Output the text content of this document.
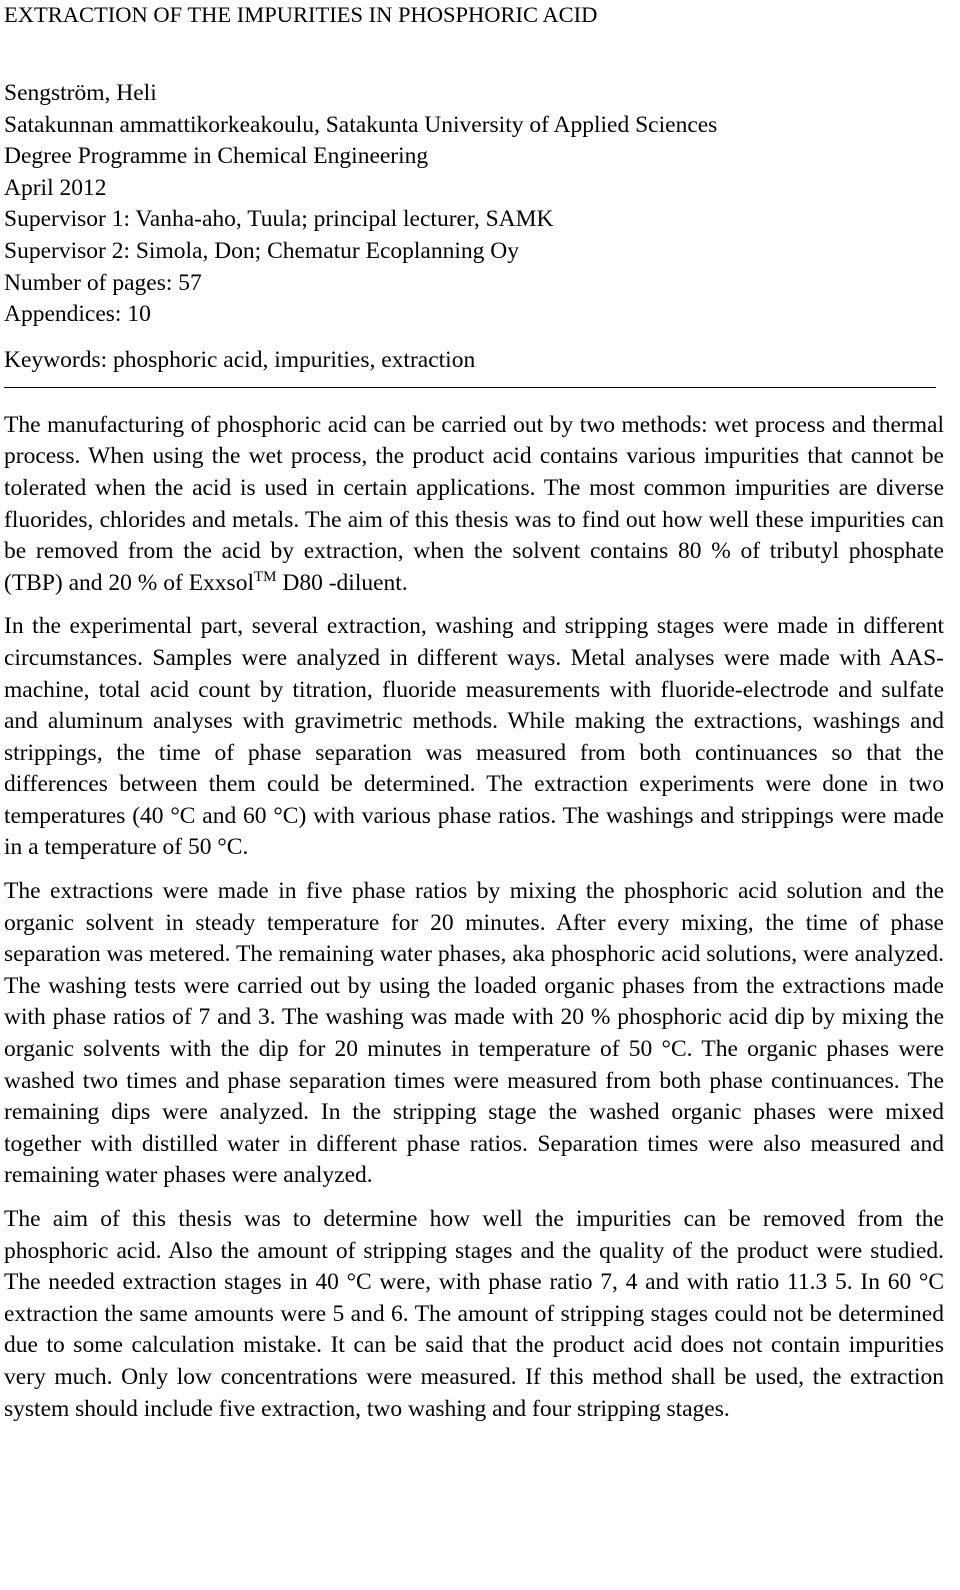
EXTRACTION OF THE IMPURITIES IN PHOSPHORIC ACID
Sengström, Heli
Satakunnan ammattikorkeakoulu, Satakunta University of Applied Sciences
Degree Programme in Chemical Engineering
April 2012
Supervisor 1: Vanha-aho, Tuula; principal lecturer, SAMK
Supervisor 2: Simola, Don; Chematur Ecoplanning Oy
Number of pages: 57
Appendices: 10
Keywords: phosphoric acid, impurities, extraction

The manufacturing of phosphoric acid can be carried out by two methods: wet process and thermal process. When using the wet process, the product acid contains various impurities that cannot be tolerated when the acid is used in certain applications. The most common impurities are diverse fluorides, chlorides and metals. The aim of this thesis was to find out how well these impurities can be removed from the acid by extraction, when the solvent contains 80 % of tributyl phosphate (TBP) and 20 % of Exxsol™ D80 -diluent.

In the experimental part, several extraction, washing and stripping stages were made in different circumstances. Samples were analyzed in different ways. Metal analyses were made with AAS-machine, total acid count by titration, fluoride measurements with fluoride-electrode and sulfate and aluminum analyses with gravimetric methods. While making the extractions, washings and strippings, the time of phase separation was measured from both continuances so that the differences between them could be determined. The extraction experiments were done in two temperatures (40 °C and 60 °C) with various phase ratios. The washings and strippings were made in a temperature of 50 °C.

The extractions were made in five phase ratios by mixing the phosphoric acid solution and the organic solvent in steady temperature for 20 minutes. After every mixing, the time of phase separation was metered. The remaining water phases, aka phosphoric acid solutions, were analyzed. The washing tests were carried out by using the loaded organic phases from the extractions made with phase ratios of 7 and 3. The washing was made with 20 % phosphoric acid dip by mixing the organic solvents with the dip for 20 minutes in temperature of 50 °C. The organic phases were washed two times and phase separation times were measured from both phase continuances. The remaining dips were analyzed. In the stripping stage the washed organic phases were mixed together with distilled water in different phase ratios. Separation times were also measured and remaining water phases were analyzed.

The aim of this thesis was to determine how well the impurities can be removed from the phosphoric acid. Also the amount of stripping stages and the quality of the product were studied. The needed extraction stages in 40 °C were, with phase ratio 7, 4 and with ratio 11.3 5. In 60 °C extraction the same amounts were 5 and 6. The amount of stripping stages could not be determined due to some calculation mistake. It can be said that the product acid does not contain impurities very much. Only low concentrations were measured. If this method shall be used, the extraction system should include five extraction, two washing and four stripping stages.
